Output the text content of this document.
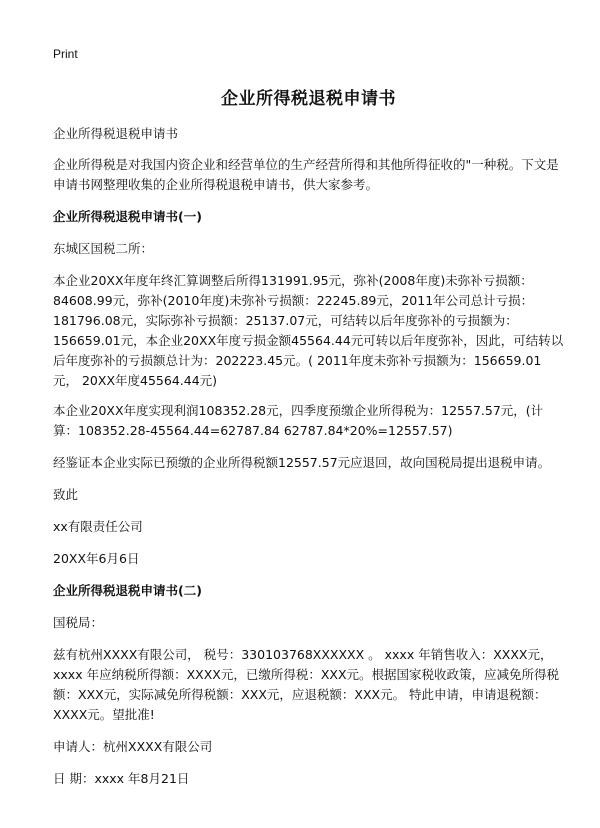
Print
企业所得税退税申请书

企业所得税退税申请书

企业所得税是对我国内资企业和经营单位的生产经营所得和其他所得征收的"一种税。下文是申请书网整理收集的企业所得税退税申请书，供大家参考。

企业所得税退税申请书(一)

东城区国税二所：

本企业20XX年度年终汇算调整后所得131991.95元，弥补(2008年度)未弥补亏损额：84608.99元，弥补(2010年度)未弥补亏损额：22245.89元，2011年公司总计亏损：181796.08元，实际弥补亏损额：25137.07元，可结转以后年度弥补的亏损额为：156659.01元，本企业20XX年度亏损金额45564.44元可转以后年度弥补，因此，可结转以后年度弥补的亏损额总计为：202223.45元。( 2011年度未弥补亏损额为：156659.01元， 20XX年度45564.44元)

本企业20XX年度实现利润108352.28元，四季度预缴企业所得税为：12557.57元，(计算：108352.28-45564.44=62787.84 62787.84*20%=12557.57)

经鉴证本企业实际已预缴的企业所得税额12557.57元应退回，故向国税局提出退税申请。

致此

xx有限责任公司

20XX年6月6日

企业所得税退税申请书(二)

国税局：

兹有杭州XXXX有限公司， 税号：330103768XXXXXX 。 xxxx 年销售收入：XXXX元， xxxx 年应纳税所得额：XXXX元，已缴所得税：XXX元。根据国家税收政策，应减免所得税额：XXX元，实际减免所得税额：XXX元，应退税额：XXX元。 特此申请，申请退税额：XXXX元。望批准!

申请人：杭州XXXX有限公司

日 期：xxxx 年8月21日
